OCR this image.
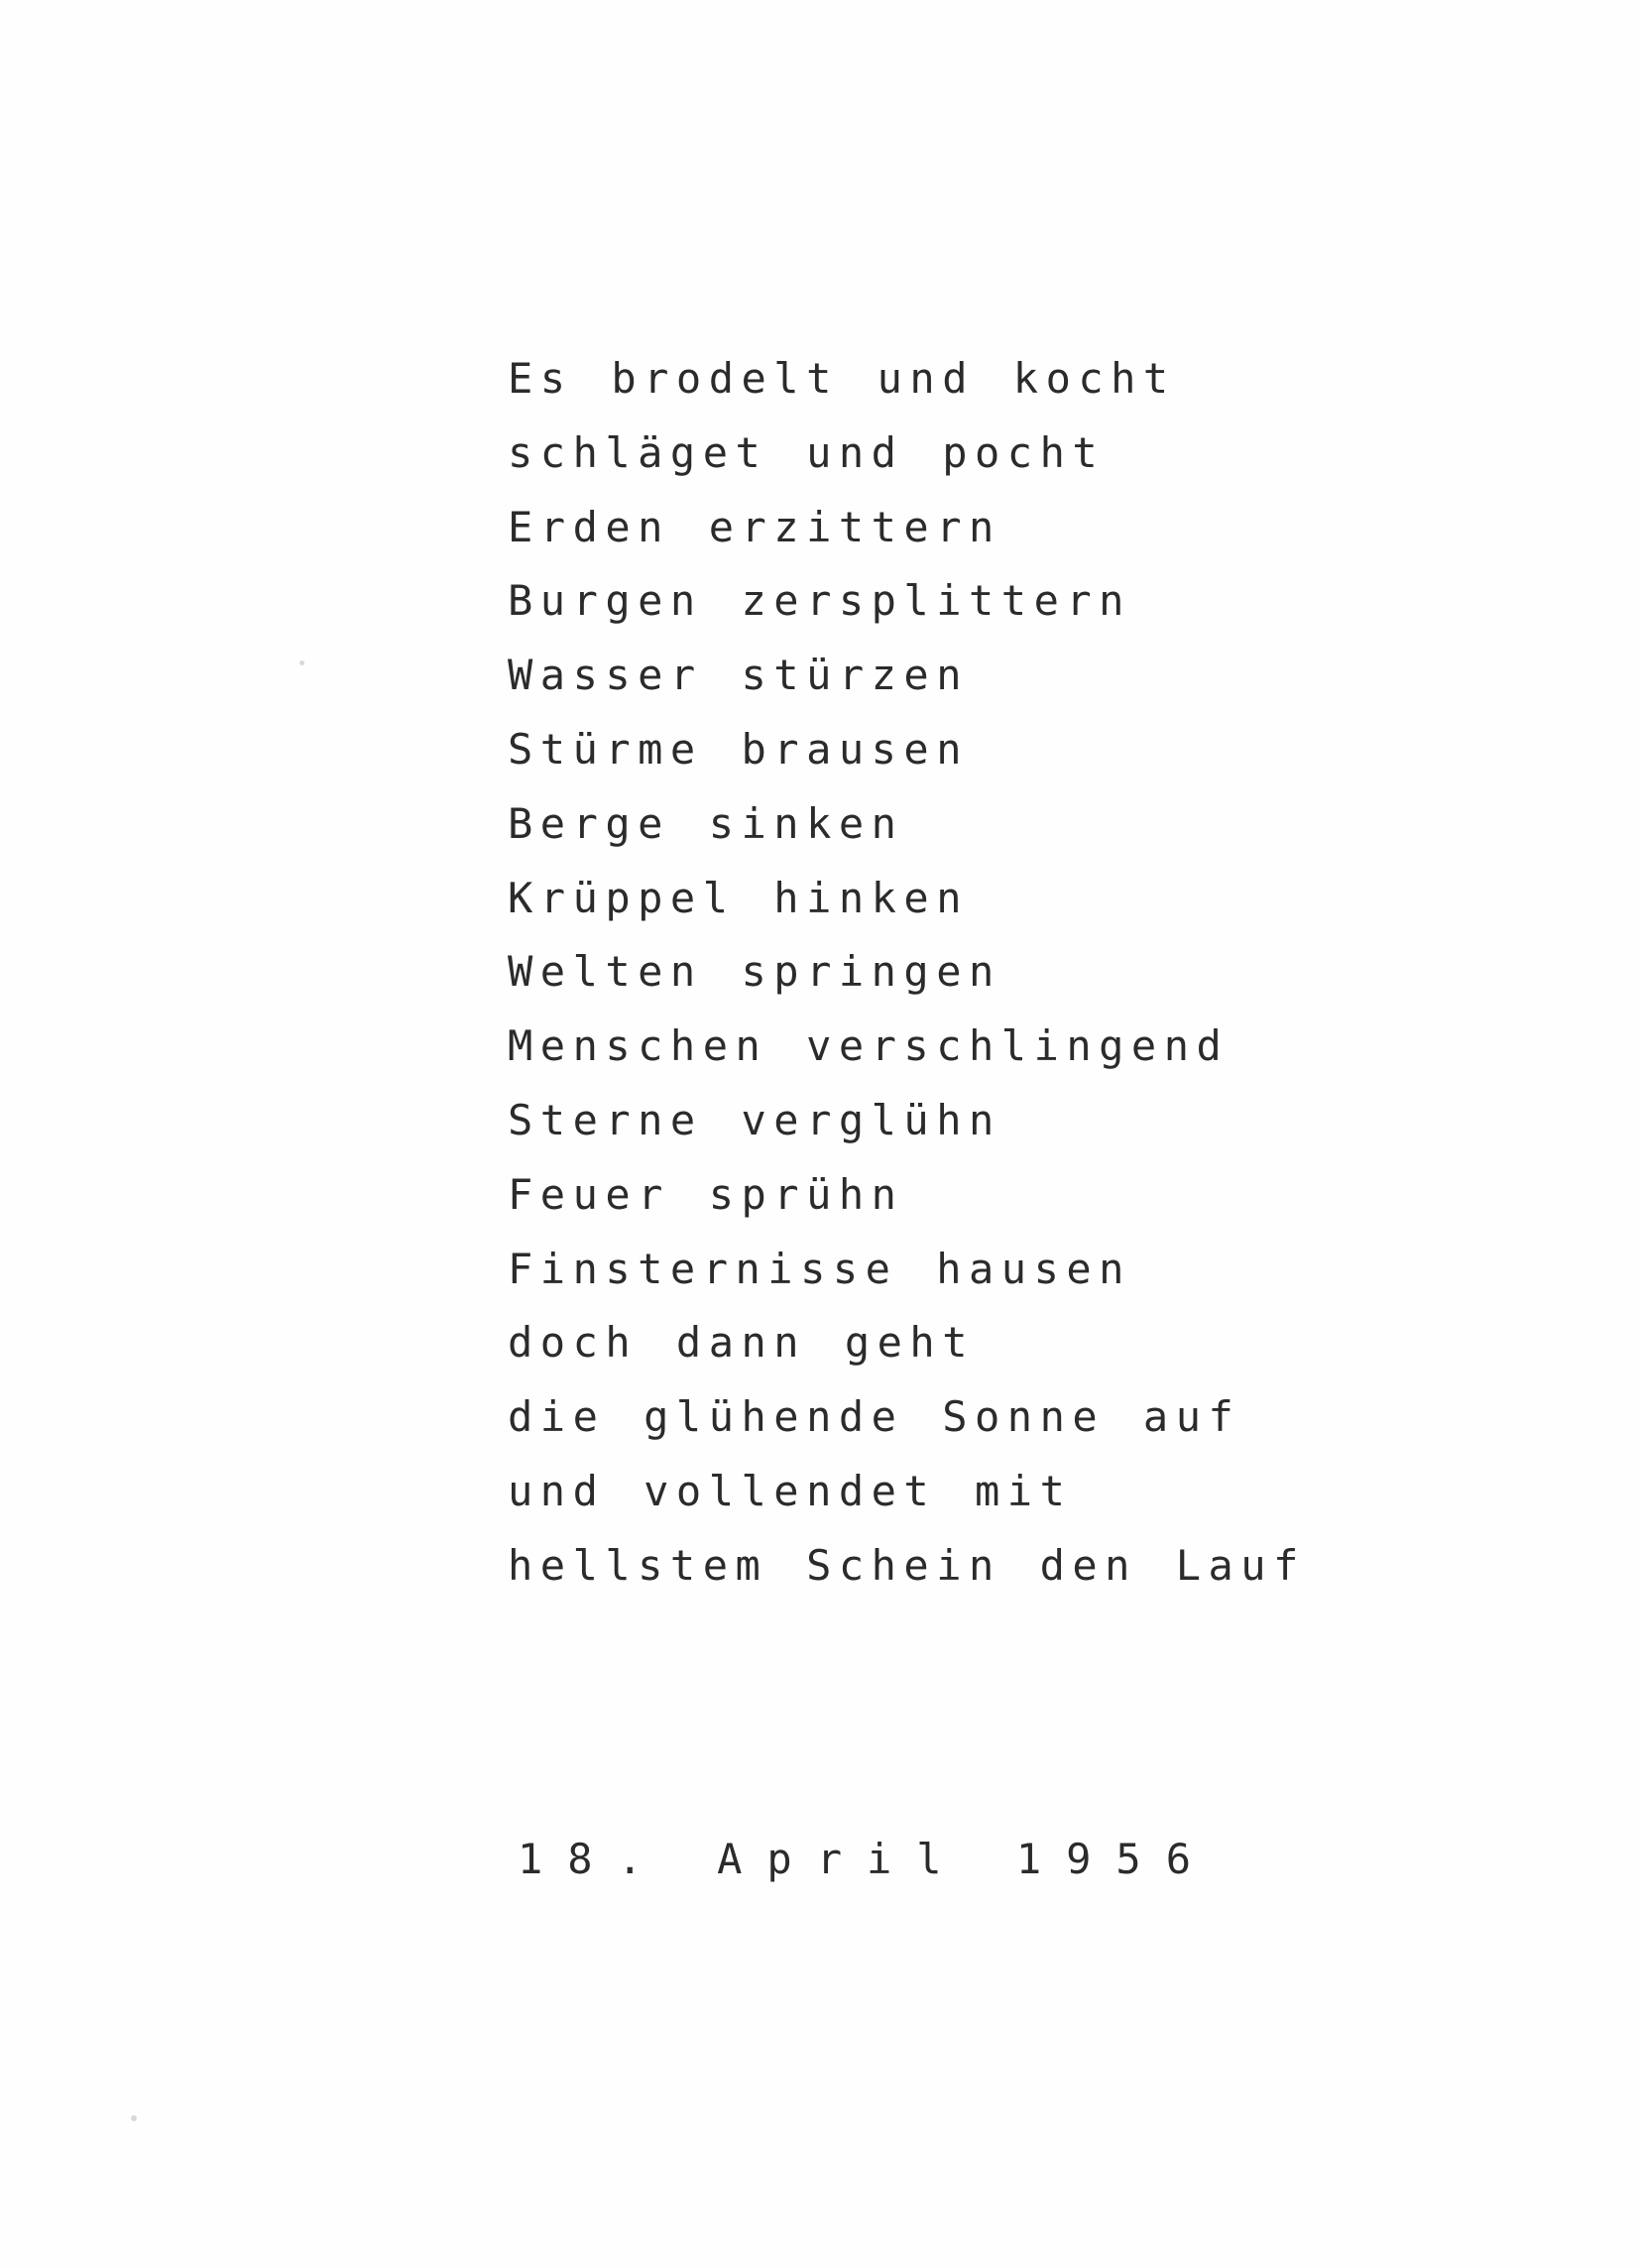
Es brodelt und kocht
schläget und pocht
Erden erzittern
Burgen zersplittern
Wasser stürzen
Stürme brausen
Berge sinken
Krüppel hinken
Welten springen
Menschen verschlingend
Sterne verglühn
Feuer sprühn
Finsternisse hausen
doch dann geht
die glühende Sonne auf
und vollendet mit
hellstem Schein den Lauf
18. April 1956
